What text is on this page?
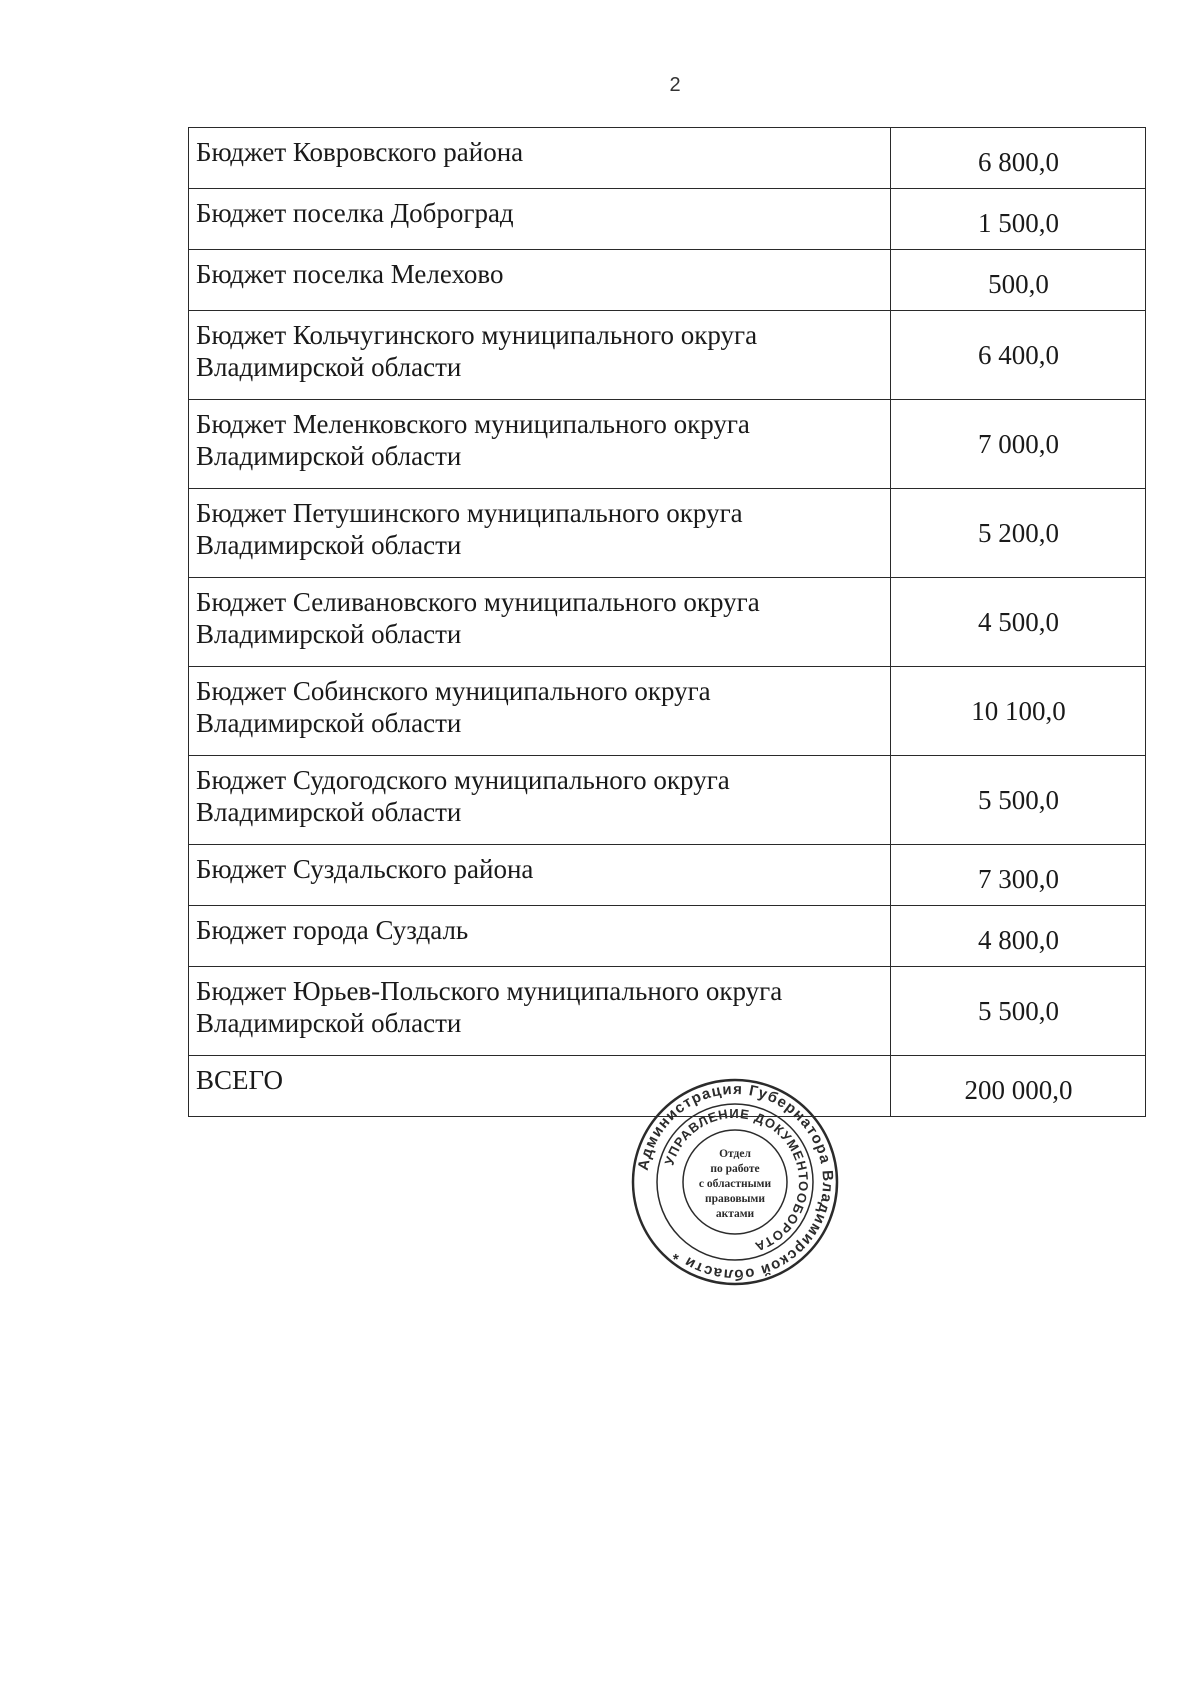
2
Бюджет Ковровского района	6 800,0

Бюджет поселка Доброград	1 500,0

Бюджет поселка Мелехово	500,0

Бюджет Кольчугинского муниципального округа
Владимирской области	6 400,0

Бюджет Меленковского муниципального округа
Владимирской области	7 000,0

Бюджет Петушинского муниципального округа
Владимирской области	5 200,0

Бюджет Селивановского муниципального округа
Владимирской области	4 500,0

Бюджет Собинского муниципального округа
Владимирской области	10 100,0

Бюджет Судогодского муниципального округа
Владимирской области	5 500,0

Бюджет Суздальского района	7 300,0

Бюджет города Суздаль	4 800,0

Бюджет Юрьев-Польского муниципального округа
Владимирской области	5 500,0
ВСЕГО	200 000,0
Администрация Губернатора Владимирской области *
УПРАВЛЕНИЕ ДОКУМЕНТООБОРОТА
Отдел
по работе
с областными
правовыми
актами
